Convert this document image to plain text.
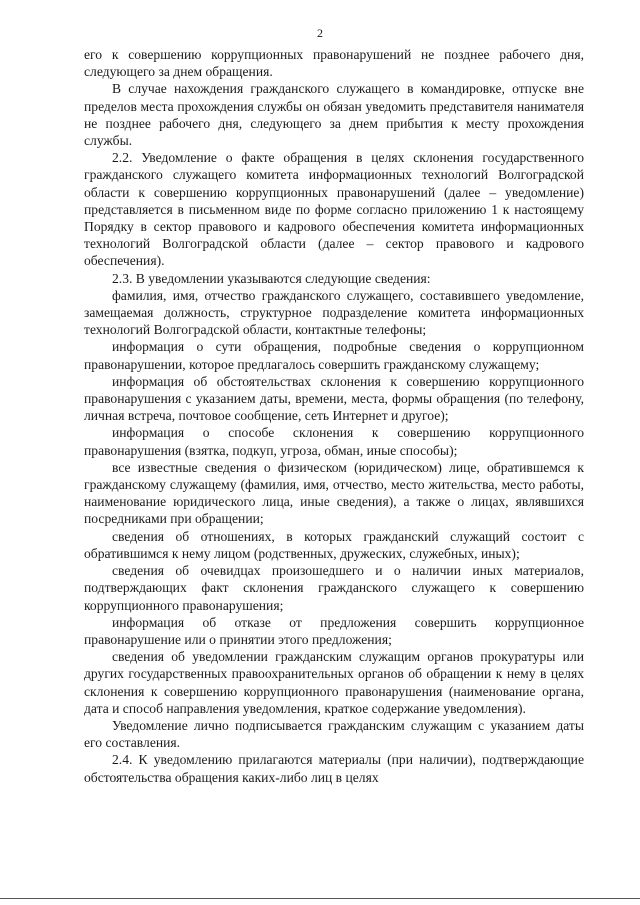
2

его к совершению коррупционных правонарушений не позднее рабочего дня, следующего за днем обращения.

В случае нахождения гражданского служащего в командировке, отпуске вне пределов места прохождения службы он обязан уведомить представителя нанимателя не позднее рабочего дня, следующего за днем прибытия к месту прохождения службы.

2.2. Уведомление о факте обращения в целях склонения государственного гражданского служащего комитета информационных технологий Волгоградской области к совершению коррупционных правонарушений (далее – уведомление) представляется в письменном виде по форме согласно приложению 1 к настоящему Порядку в сектор правового и кадрового обеспечения комитета информационных технологий Волгоградской области (далее – сектор правового и кадрового обеспечения).

2.3. В уведомлении указываются следующие сведения:

фамилия, имя, отчество гражданского служащего, составившего уведомление, замещаемая должность, структурное подразделение комитета информационных технологий Волгоградской области, контактные телефоны;

информация о сути обращения, подробные сведения о коррупционном правонарушении, которое предлагалось совершить гражданскому служащему;

информация об обстоятельствах склонения к совершению коррупционного правонарушения с указанием даты, времени, места, формы обращения (по телефону, личная встреча, почтовое сообщение, сеть Интернет и другое);

информация о способе склонения к совершению коррупционного правонарушения (взятка, подкуп, угроза, обман, иные способы);

все известные сведения о физическом (юридическом) лице, обратившемся к гражданскому служащему (фамилия, имя, отчество, место жительства, место работы, наименование юридического лица, иные сведения), а также о лицах, являвшихся посредниками при обращении;

сведения об отношениях, в которых гражданский служащий состоит с обратившимся к нему лицом (родственных, дружеских, служебных, иных);

сведения об очевидцах произошедшего и о наличии иных материалов, подтверждающих факт склонения гражданского служащего к совершению коррупционного правонарушения;

информация об отказе от предложения совершить коррупционное правонарушение или о принятии этого предложения;

сведения об уведомлении гражданским служащим органов прокуратуры или других государственных правоохранительных органов об обращении к нему в целях склонения к совершению коррупционного правонарушения (наименование органа, дата и способ направления уведомления, краткое содержание уведомления).

Уведомление лично подписывается гражданским служащим с указанием даты его составления.

2.4. К уведомлению прилагаются материалы (при наличии), подтверждающие обстоятельства обращения каких-либо лиц в целях
